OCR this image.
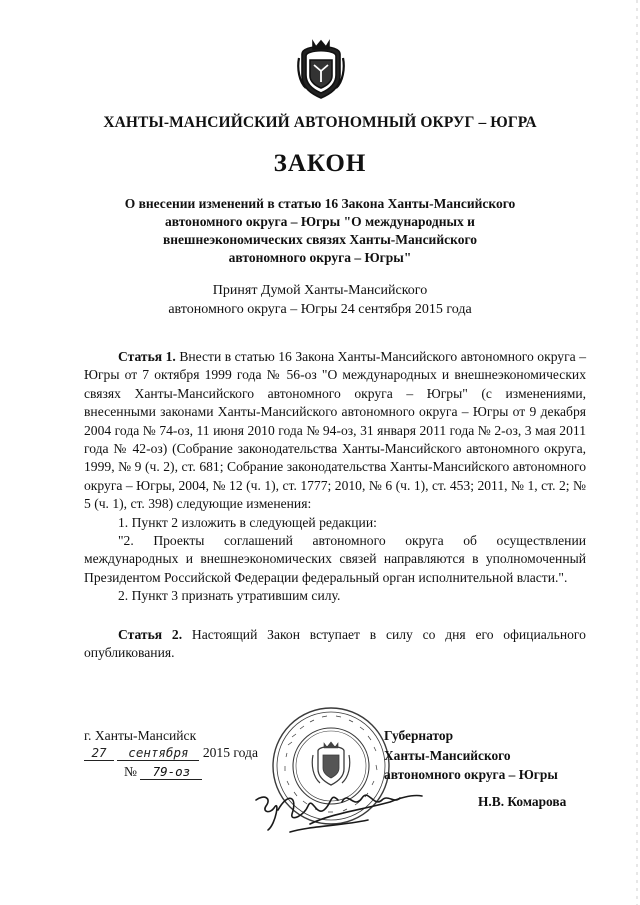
ХАНТЫ-МАНСИЙСКИЙ АВТОНОМНЫЙ ОКРУГ – ЮГРА
ЗАКОН
О внесении изменений в статью 16 Закона Ханты-Мансийского
автономного округа – Югры "О международных и
внешнеэкономических связях Ханты-Мансийского
автономного округа – Югры"
Принят Думой Ханты-Мансийского
автономного округа – Югры 24 сентября 2015 года

Статья 1. Внести в статью 16 Закона Ханты-Мансийского автономного округа – Югры от 7 октября 1999 года № 56-оз "О международных и внешнеэкономических связях Ханты-Мансийского автономного округа – Югры" (с изменениями, внесенными законами Ханты-Мансийского автономного округа – Югры от 9 декабря 2004 года № 74-оз, 11 июня 2010 года № 94-оз, 31 января 2011 года № 2-оз, 3 мая 2011 года № 42-оз) (Собрание законодательства Ханты-Мансийского автономного округа, 1999, № 9 (ч. 2), ст. 681; Собрание законодательства Ханты-Мансийского автономного округа – Югры, 2004, № 12 (ч. 1), ст. 1777; 2010, № 6 (ч. 1), ст. 453; 2011, № 1, ст. 2; № 5 (ч. 1), ст. 398) следующие изменения:

1. Пункт 2 изложить в следующей редакции:

"2. Проекты соглашений автономного округа об осуществлении международных и внешнеэкономических связей направляются в уполномоченный Президентом Российской Федерации федеральный орган исполнительной власти.".

2. Пункт 3 признать утратившим силу.

Статья 2. Настоящий Закон вступает в силу со дня его официального опубликования.

г. Ханты-Мансийск
27 сентября 2015 года
№ 79-оз
Губернатор
Ханты-Мансийского
автономного округа – Югры
Н.В. Комарова
